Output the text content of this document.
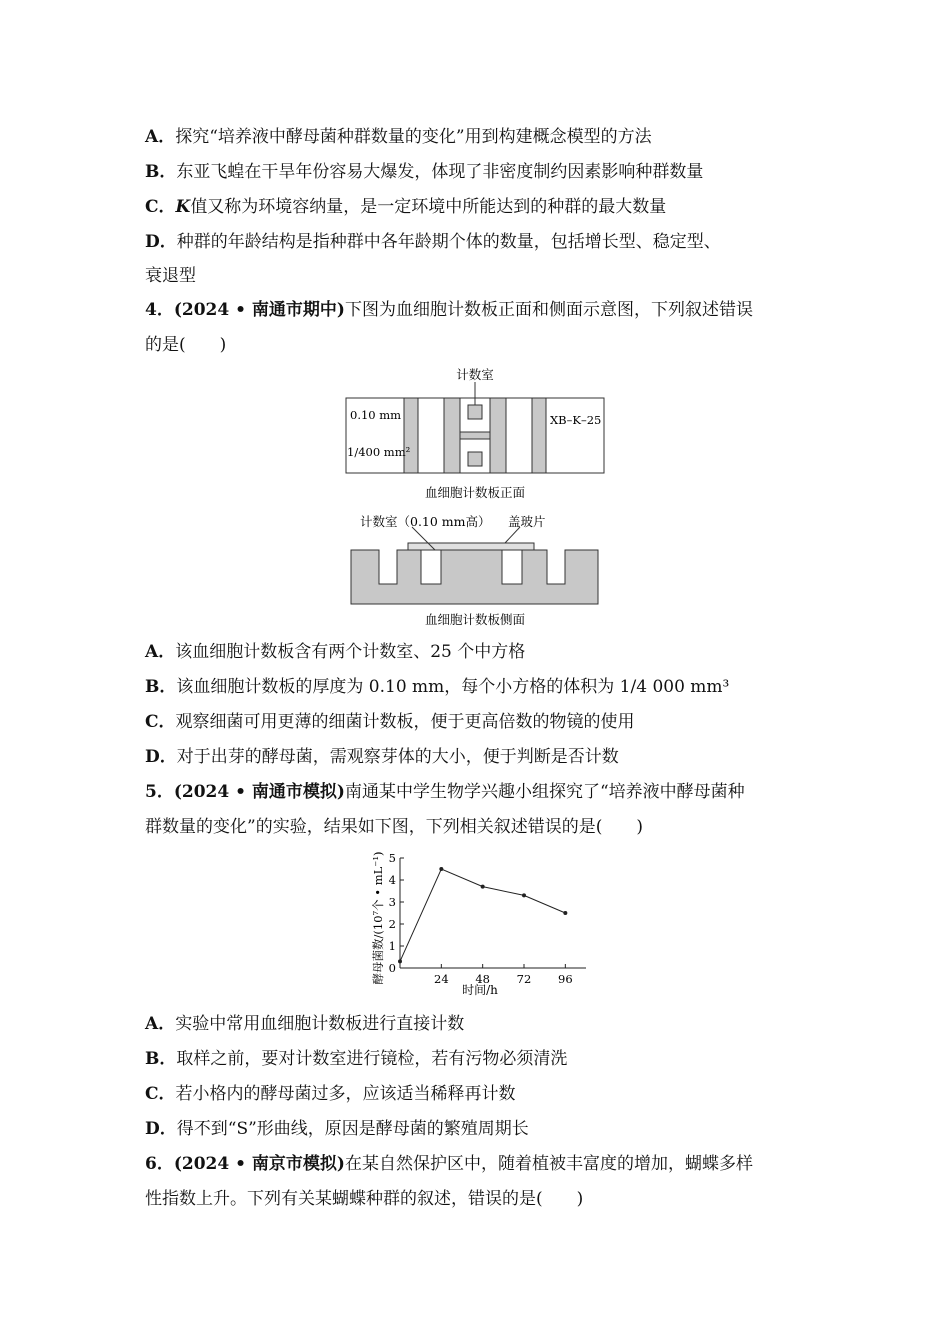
A．探究“培养液中酵母菌种群数量的变化”用到构建概念模型的方法
B．东亚飞蝗在干旱年份容易大爆发，体现了非密度制约因素影响种群数量
C．K值又称为环境容纳量，是一定环境中所能达到的种群的最大数量
D．种群的年龄结构是指种群中各年龄期个体的数量，包括增长型、稳定型、
衰退型
4．(2024 • 南通市期中)下图为血细胞计数板正面和侧面示意图，下列叙述错误
的是(　　)
计数室
0.10 mm
1/400 mm²
XB–K–25
血细胞计数板正面
计数室（0.10 mm高） 盖玻片
血细胞计数板侧面
A．该血细胞计数板含有两个计数室、25 个中方格
B．该血细胞计数板的厚度为 0.10 mm，每个小方格的体积为 1/4 000 mm³
C．观察细菌可用更薄的细菌计数板，便于更高倍数的物镜的使用
D．对于出芽的酵母菌，需观察芽体的大小，便于判断是否计数
5．(2024 • 南通市模拟)南通某中学生物学兴趣小组探究了“培养液中酵母菌种
群数量的变化”的实验，结果如下图，下列相关叙述错误的是(　　)
0
1
2
3
4
5
24 48 72 96
时间/h
酵母菌数/(10⁷个 • mL⁻¹)
A．实验中常用血细胞计数板进行直接计数
B．取样之前，要对计数室进行镜检，若有污物必须清洗
C．若小格内的酵母菌过多，应该适当稀释再计数
D．得不到“S”形曲线，原因是酵母菌的繁殖周期长
6．(2024 • 南京市模拟)在某自然保护区中，随着植被丰富度的增加，蝴蝶多样
性指数上升。下列有关某蝴蝶种群的叙述，错误的是(　　)
